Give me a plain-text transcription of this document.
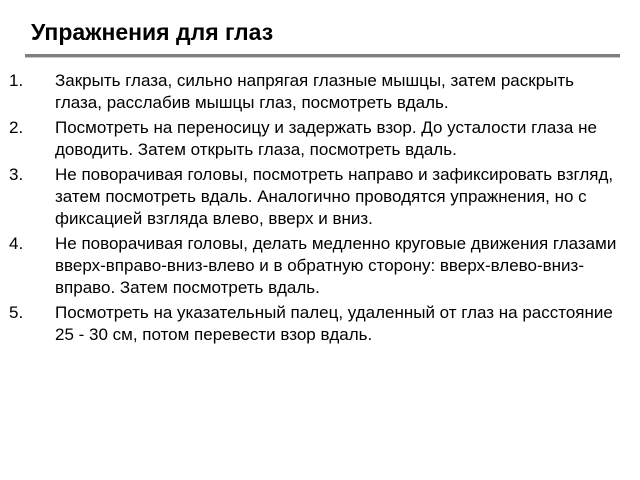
Упражнения для глаз
1.	Закрыть глаза, сильно напрягая глазные мышцы, затем раскрыть глаза, расслабив мышцы глаз, посмотреть вдаль.
2.	Посмотреть на переносицу и задержать взор. До усталости глаза не доводить. Затем открыть глаза, посмотреть вдаль.
3.	Не поворачивая головы, посмотреть направо и зафиксировать взгляд, затем посмотреть вдаль. Аналогично проводятся упражнения, но с фиксацией взгляда влево, вверх и вниз.
4.	Не поворачивая головы, делать медленно круговые движения глазами вверх-вправо-вниз-влево и в обратную сторону: вверх-влево-вниз-вправо. Затем посмотреть вдаль.
5.	Посмотреть на указательный палец, удаленный от глаз на расстояние 25 - 30 см, потом перевести взор вдаль.
